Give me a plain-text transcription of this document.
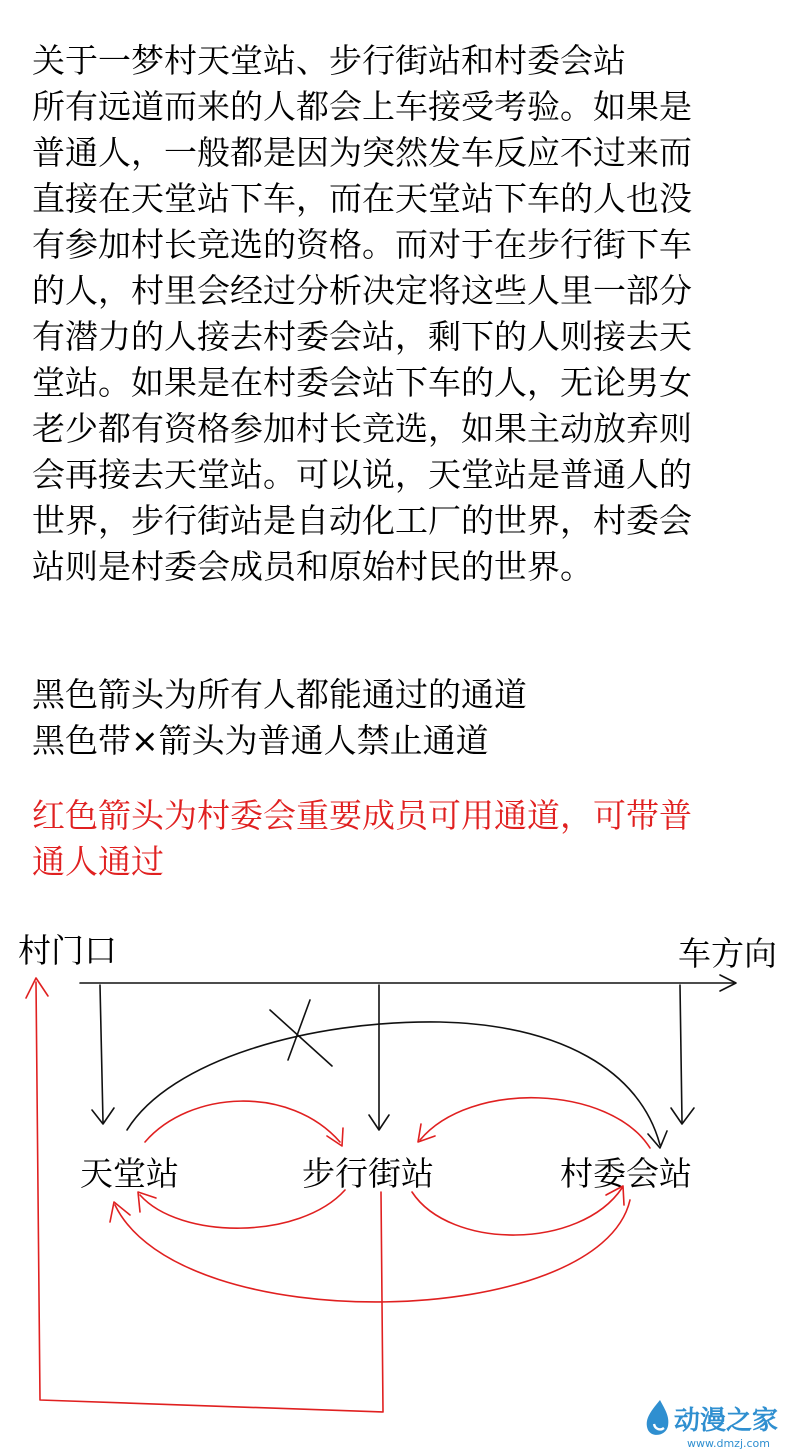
关于一梦村天堂站、步行街站和村委会站
所有远道而来的人都会上车接受考验。如果是
普通人，一般都是因为突然发车反应不过来而
直接在天堂站下车，而在天堂站下车的人也没
有参加村长竞选的资格。而对于在步行街下车
的人，村里会经过分析决定将这些人里一部分
有潜力的人接去村委会站，剩下的人则接去天
堂站。如果是在村委会站下车的人，无论男女
老少都有资格参加村长竞选，如果主动放弃则
会再接去天堂站。可以说，天堂站是普通人的
世界，步行街站是自动化工厂的世界，村委会
站则是村委会成员和原始村民的世界。
黑色箭头为所有人都能通过的通道
黑色带×箭头为普通人禁止通道
红色箭头为村委会重要成员可用通道，可带普
通人通过
村门口	车方向
天堂站	步行街站	村委会站
动漫之家
www.dmzj.com
